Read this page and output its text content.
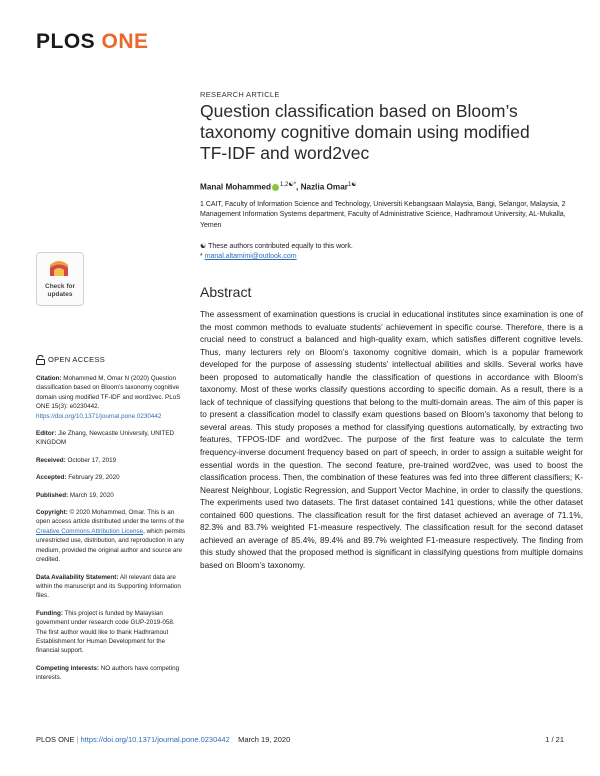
PLOS ONE
RESEARCH ARTICLE
Question classification based on Bloom’s taxonomy cognitive domain using modified TF-IDF and word2vec
Manal Mohammed $^{1,2☯*}$, Nazlia Omar$^{1☯}$
1 CAIT, Faculty of Information Science and Technology, Universiti Kebangsaan Malaysia, Bangi, Selangor, Malaysia, 2 Management Information Systems department, Faculty of Administrative Science, Hadhramout University, AL-Mukalla, Yemen
☯ These authors contributed equally to this work.
* manal.altamimi@outlook.com
Abstract
The assessment of examination questions is crucial in educational institutes since examination is one of the most common methods to evaluate students’ achievement in specific course. Therefore, there is a crucial need to construct a balanced and high-quality exam, which satisfies different cognitive levels. Thus, many lecturers rely on Bloom’s taxonomy cognitive domain, which is a popular framework developed for the purpose of assessing students’ intellectual abilities and skills. Several works have been proposed to automatically handle the classification of questions in accordance with Bloom’s taxonomy. Most of these works classify questions according to specific domain. As a result, there is a lack of technique of classifying questions that belong to the multi-domain areas. The aim of this paper is to present a classification model to classify exam questions based on Bloom’s taxonomy that belong to several areas. This study proposes a method for classifying questions automatically, by extracting two features, TFPOS-IDF and word2vec. The purpose of the first feature was to calculate the term frequency-inverse document frequency based on part of speech, in order to assign a suitable weight for essential words in the question. The second feature, pre-trained word2vec, was used to boost the classification process. Then, the combination of these features was fed into three different classifiers; K-Nearest Neighbour, Logistic Regression, and Support Vector Machine, in order to classify the questions. The experiments used two datasets. The first dataset contained 141 questions, while the other dataset contained 600 questions. The classification result for the first dataset achieved an average of 71.1%, 82.3% and 83.7% weighted F1-measure respectively. The classification result for the second dataset achieved an average of 85.4%, 89.4% and 89.7% weighted F1-measure respectively. The finding from this study showed that the proposed method is significant in classifying questions from multiple domains based on Bloom’s taxonomy.
Check for
updates
OPEN ACCESS

Citation: Mohammed M, Omar N (2020) Question classification based on Bloom’s taxonomy cognitive domain using modified TF-IDF and word2vec. PLoS ONE 15(3): e0230442. https://doi.org/10.1371/journal.pone.0230442

Editor: Jie Zhang, Newcastle University, UNITED KINGDOM

Received: October 17, 2019

Accepted: February 29, 2020

Published: March 19, 2020

Copyright: © 2020 Mohammed, Omar. This is an open access article distributed under the terms of the Creative Commons Attribution License, which permits unrestricted use, distribution, and reproduction in any medium, provided the original author and source are credited.

Data Availability Statement: All relevant data are within the manuscript and its Supporting Information files.

Funding: This project is funded by Malaysian government under research code GUP-2019-058. The first author would like to thank Hadhramout Establishment for Human Development for the financial support.

Competing interests: NO authors have competing interests.

PLOS ONE | https://doi.org/10.1371/journal.pone.0230442 March 19, 2020	1 / 21
